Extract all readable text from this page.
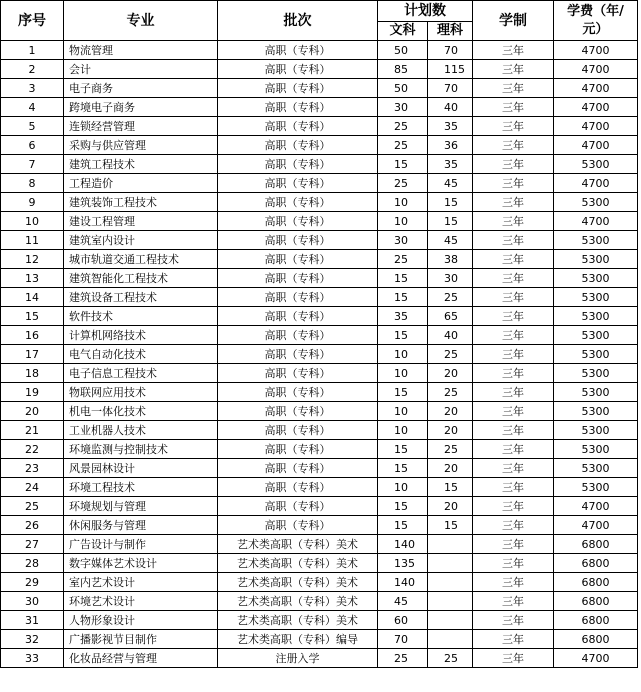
序号	专业	批次	计划数		学制	学费（年/
元）
			文科	理科		
1	物流管理	高职（专科）	50	70	三年	4700
2	会计	高职（专科）	85	115	三年	4700
3	电子商务	高职（专科）	50	70	三年	4700
4	跨境电子商务	高职（专科）	30	40	三年	4700
5	连锁经营管理	高职（专科）	25	35	三年	4700
6	采购与供应管理	高职（专科）	25	36	三年	4700
7	建筑工程技术	高职（专科）	15	35	三年	5300
8	工程造价	高职（专科）	25	45	三年	4700
9	建筑装饰工程技术	高职（专科）	10	15	三年	5300
10	建设工程管理	高职（专科）	10	15	三年	4700
11	建筑室内设计	高职（专科）	30	45	三年	5300
12	城市轨道交通工程技术	高职（专科）	25	38	三年	5300
13	建筑智能化工程技术	高职（专科）	15	30	三年	5300
14	建筑设备工程技术	高职（专科）	15	25	三年	5300
15	软件技术	高职（专科）	35	65	三年	5300
16	计算机网络技术	高职（专科）	15	40	三年	5300
17	电气自动化技术	高职（专科）	10	25	三年	5300
18	电子信息工程技术	高职（专科）	10	20	三年	5300
19	物联网应用技术	高职（专科）	15	25	三年	5300
20	机电一体化技术	高职（专科）	10	20	三年	5300
21	工业机器人技术	高职（专科）	10	20	三年	5300
22	环境监测与控制技术	高职（专科）	15	25	三年	5300
23	风景园林设计	高职（专科）	15	20	三年	5300
24	环境工程技术	高职（专科）	10	15	三年	5300
25	环境规划与管理	高职（专科）	15	20	三年	4700
26	休闲服务与管理	高职（专科）	15	15	三年	4700
27	广告设计与制作	艺术类高职（专科）美术	140		三年	6800
28	数字媒体艺术设计	艺术类高职（专科）美术	135		三年	6800
29	室内艺术设计	艺术类高职（专科）美术	140		三年	6800
30	环境艺术设计	艺术类高职（专科）美术	45		三年	6800
31	人物形象设计	艺术类高职（专科）美术	60		三年	6800
32	广播影视节目制作	艺术类高职（专科）编导	70		三年	6800
33	化妆品经营与管理	注册入学	25	25	三年	4700
